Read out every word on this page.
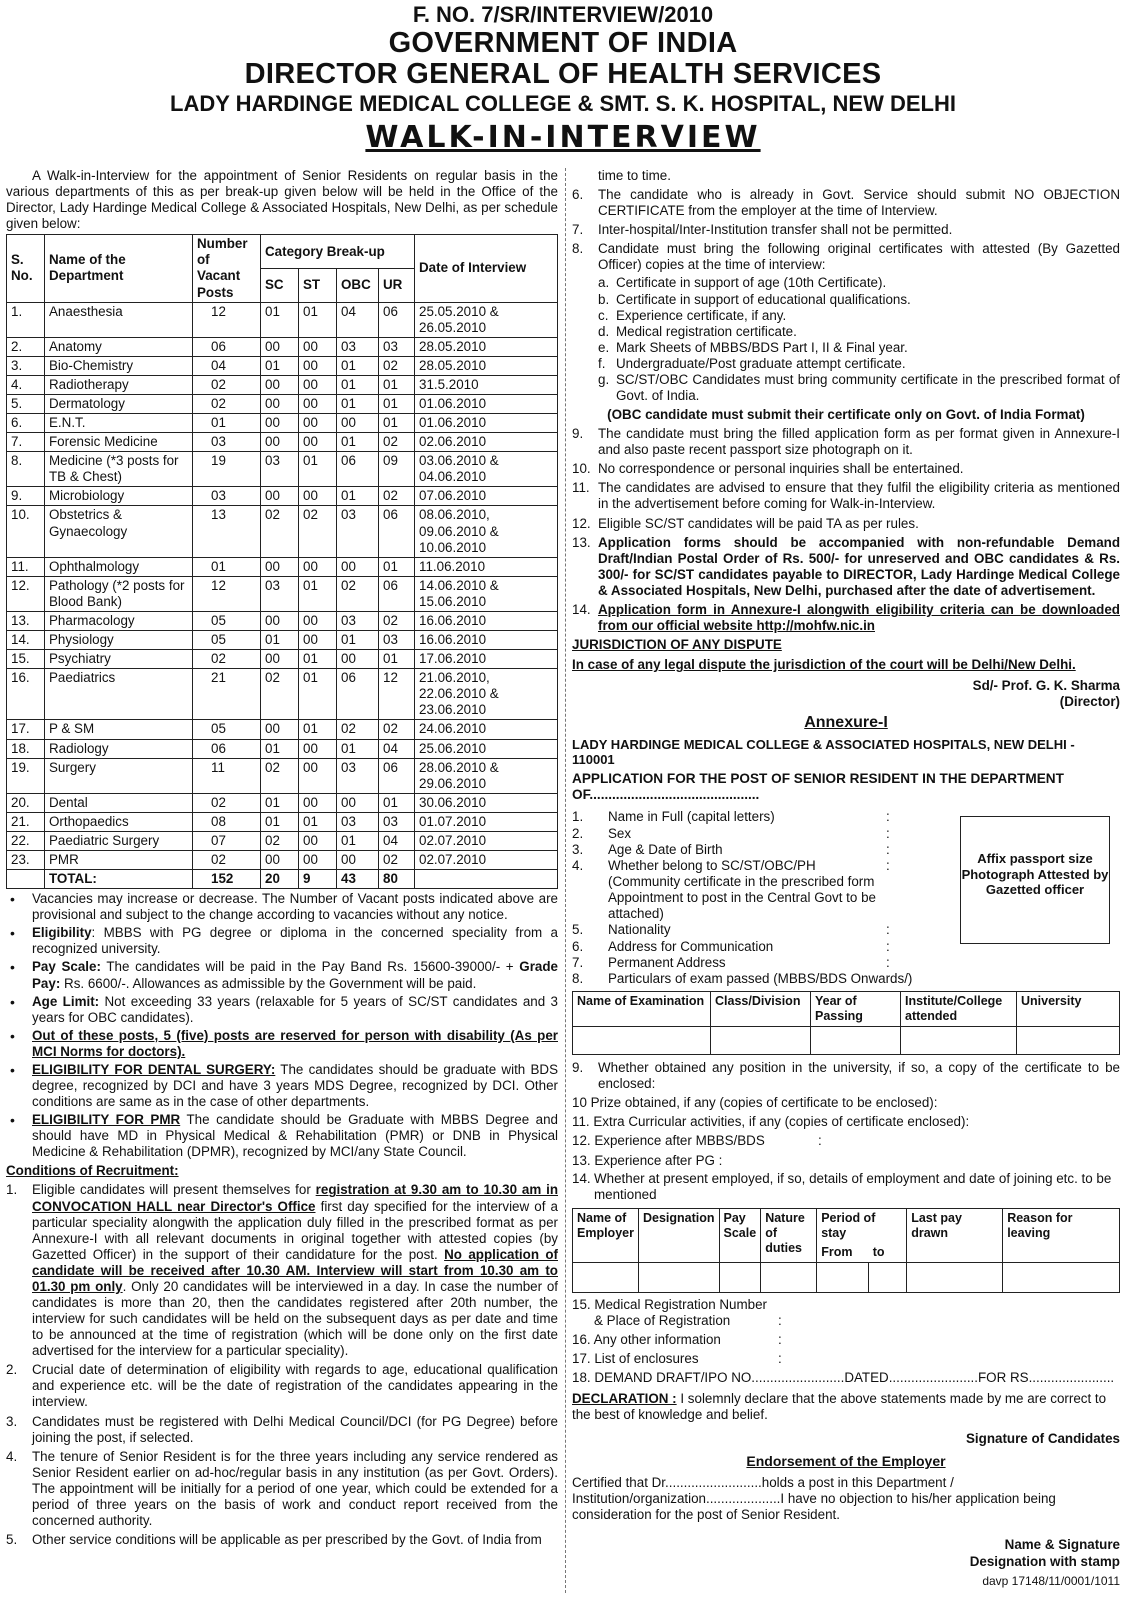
F. NO. 7/SR/INTERVIEW/2010
GOVERNMENT OF INDIA
DIRECTOR GENERAL OF HEALTH SERVICES
LADY HARDINGE MEDICAL COLLEGE & SMT. S. K. HOSPITAL, NEW DELHI
WALK-IN-INTERVIEW

A Walk-in-Interview for the appointment of Senior Residents on regular basis in the various departments of this as per break-up given below will be held in the Office of the Director, Lady Hardinge Medical College & Associated Hospitals, New Delhi, as per schedule given below:

S. No.	Name of the Department	Number of Vacant Posts	Category Break-up				Date of Interview
			SC	ST	OBC	UR	
1.	Anaesthesia	12	01	01	04	06	25.05.2010 & 26.05.2010
2.	Anatomy	06	00	00	03	03	28.05.2010
3.	Bio-Chemistry	04	01	00	01	02	28.05.2010
4.	Radiotherapy	02	00	00	01	01	31.5.2010
5.	Dermatology	02	00	00	01	01	01.06.2010
6.	E.N.T.	01	00	00	00	01	01.06.2010
7.	Forensic Medicine	03	00	00	01	02	02.06.2010
8.	Medicine (*3 posts for TB & Chest)	19	03	01	06	09	03.06.2010 & 04.06.2010
9.	Microbiology	03	00	00	01	02	07.06.2010
10.	Obstetrics & Gynaecology	13	02	02	03	06	08.06.2010, 09.06.2010 & 10.06.2010
11.	Ophthalmology	01	00	00	00	01	11.06.2010
12.	Pathology (*2 posts for Blood Bank)	12	03	01	02	06	14.06.2010 & 15.06.2010
13.	Pharmacology	05	00	00	03	02	16.06.2010
14.	Physiology	05	01	00	01	03	16.06.2010
15.	Psychiatry	02	00	01	00	01	17.06.2010
16.	Paediatrics	21	02	01	06	12	21.06.2010, 22.06.2010 & 23.06.2010
17.	P & SM	05	00	01	02	02	24.06.2010
18.	Radiology	06	01	00	01	04	25.06.2010
19.	Surgery	11	02	00	03	06	28.06.2010 & 29.06.2010
20.	Dental	02	01	00	00	01	30.06.2010
21.	Orthopaedics	08	01	01	03	03	01.07.2010
22.	Paediatric Surgery	07	02	00	01	04	02.07.2010
23.	PMR	02	00	00	00	02	02.07.2010
	TOTAL:	152	20	9	43	80	
• Vacancies may increase or decrease. The Number of Vacant posts indicated above are provisional and subject to the change according to vacancies without any notice.
• Eligibility: MBBS with PG degree or diploma in the concerned speciality from a recognized university.
• Pay Scale: The candidates will be paid in the Pay Band Rs. 15600-39000/- + Grade Pay: Rs. 6600/-. Allowances as admissible by the Government will be paid.
• Age Limit: Not exceeding 33 years (relaxable for 5 years of SC/ST candidates and 3 years for OBC candidates).
• Out of these posts, 5 (five) posts are reserved for person with disability (As per MCI Norms for doctors).
• ELIGIBILITY FOR DENTAL SURGERY: The candidates should be graduate with BDS degree, recognized by DCI and have 3 years MDS Degree, recognized by DCI. Other conditions are same as in the case of other departments.
• ELIGIBILITY FOR PMR The candidate should be Graduate with MBBS Degree and should have MD in Physical Medical & Rehabilitation (PMR) or DNB in Physical Medicine & Rehabilitation (DPMR), recognized by MCI/any State Council.
Conditions of Recruitment:
1. Eligible candidates will present themselves for registration at 9.30 am to 10.30 am in CONVOCATION HALL near Director's Office first day specified for the interview of a particular speciality alongwith the application duly filled in the prescribed format as per Annexure-I with all relevant documents in original together with attested copies (by Gazetted Officer) in the support of their candidature for the post. No application of candidate will be received after 10.30 AM. Interview will start from 10.30 am to 01.30 pm only. Only 20 candidates will be interviewed in a day. In case the number of candidates is more than 20, then the candidates registered after 20th number, the interview for such candidates will be held on the subsequent days as per date and time to be announced at the time of registration (which will be done only on the first date advertised for the interview for a particular speciality).
2. Crucial date of determination of eligibility with regards to age, educational qualification and experience etc. will be the date of registration of the candidates appearing in the interview.
3. Candidates must be registered with Delhi Medical Council/DCI (for PG Degree) before joining the post, if selected.
4. The tenure of Senior Resident is for the three years including any service rendered as Senior Resident earlier on ad-hoc/regular basis in any institution (as per Govt. Orders). The appointment will be initially for a period of one year, which could be extended for a period of three years on the basis of work and conduct report received from the concerned authority.
5. Other service conditions will be applicable as per prescribed by the Govt. of India from
time to time.
6. The candidate who is already in Govt. Service should submit NO OBJECTION CERTIFICATE from the employer at the time of Interview.
7. Inter-hospital/Inter-Institution transfer shall not be permitted.
8. Candidate must bring the following original certificates with attested (By Gazetted Officer) copies at the time of interview:
a. Certificate in support of age (10th Certificate).
b. Certificate in support of educational qualifications.
c. Experience certificate, if any.
d. Medical registration certificate.
e. Mark Sheets of MBBS/BDS Part I, II & Final year.
f. Undergraduate/Post graduate attempt certificate.
g. SC/ST/OBC Candidates must bring community certificate in the prescribed format of Govt. of India.
(OBC candidate must submit their certificate only on Govt. of India Format)
9. The candidate must bring the filled application form as per format given in Annexure-I and also paste recent passport size photograph on it.
10. No correspondence or personal inquiries shall be entertained.
11. The candidates are advised to ensure that they fulfil the eligibility criteria as mentioned in the advertisement before coming for Walk-in-Interview.
12. Eligible SC/ST candidates will be paid TA as per rules.
13. Application forms should be accompanied with non-refundable Demand Draft/Indian Postal Order of Rs. 500/- for unreserved and OBC candidates & Rs. 300/- for SC/ST candidates payable to DIRECTOR, Lady Hardinge Medical College & Associated Hospitals, New Delhi, purchased after the date of advertisement.
14. Application form in Annexure-I alongwith eligibility criteria can be downloaded from our official website http://mohfw.nic.in
JURISDICTION OF ANY DISPUTE
In case of any legal dispute the jurisdiction of the court will be Delhi/New Delhi.
Sd/- Prof. G. K. Sharma
(Director)
Annexure-I
LADY HARDINGE MEDICAL COLLEGE & ASSOCIATED HOSPITALS, NEW DELHI - 110001
APPLICATION FOR THE POST OF SENIOR RESIDENT IN THE DEPARTMENT OF.............................................
1. Name in Full (capital letters)	:
2. Sex	:
3. Age & Date of Birth	:
4. Whether belong to SC/ST/OBC/PH	:
(Community certificate in the prescribed form Appointment to post in the Central Govt to be attached)
5. Nationality	:
6. Address for Communication	:
7. Permanent Address	:
8. Particulars of exam passed (MBBS/BDS Onwards/)
Affix passport size Photograph Attested by Gazetted officer
Name of Examination	Class/Division	Year of Passing	Institute/College attended	University

9. Whether obtained any position in the university, if so, a copy of the certificate to be enclosed:
10 Prize obtained, if any (copies of certificate to be enclosed):
11. Extra Curricular activities, if any (copies of certificate enclosed):
12. Experience after MBBS/BDS	:
13. Experience after PG :
14. Whether at present employed, if so, details of employment and date of joining etc. to be mentioned
Name of Employer	Designation	Pay Scale	Nature of duties	Period of stay		Last pay drawn	Reason for leaving
				From	to		

15. Medical Registration Number
& Place of Registration	:
16. Any other information	:
17. List of enclosures	:
18. DEMAND DRAFT/IPO NO.........................DATED........................FOR RS.......................
DECLARATION : I solemnly declare that the above statements made by me are correct to the best of knowledge and belief.
Signature of Candidates
Endorsement of the Employer
Certified that Dr..........................holds a post in this Department / Institution/organization....................I have no objection to his/her application being consideration for the post of Senior Resident.
Name & Signature
Designation with stamp
davp 17148/11/0001/1011
